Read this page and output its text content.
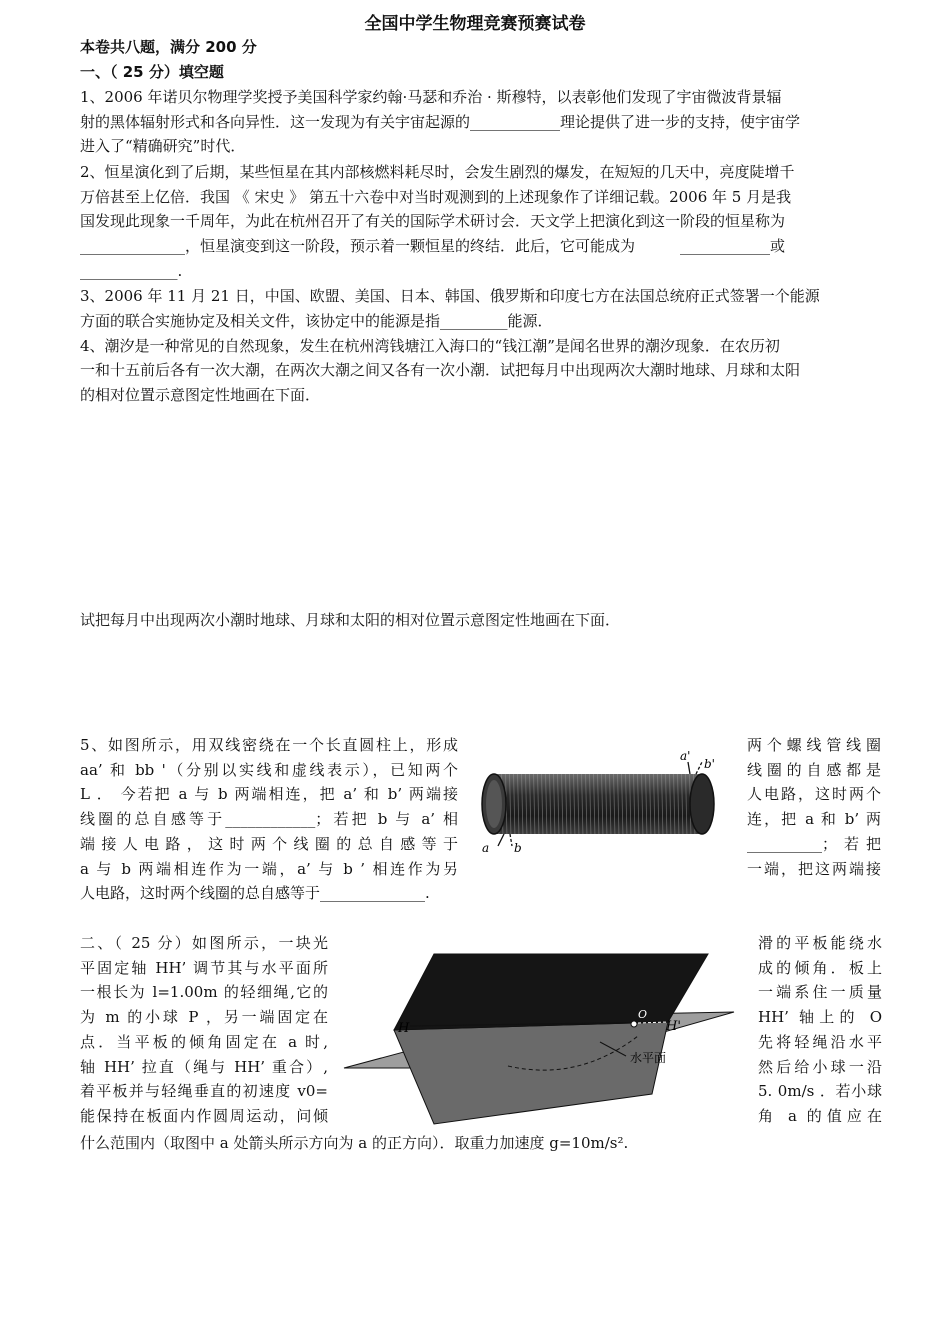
全国中学生物理竞赛预赛试卷
本卷共八题，满分 200 分
一、（ 25 分）填空题
1、2006 年诺贝尔物理学奖授予美国科学家约翰·马瑟和乔治 · 斯穆特，以表彰他们发现了宇宙微波背景辐
射的黑体辐射形式和各向异性．这一发现为有关宇宙起源的____________理论提供了进一步的支持，使宇宙学
进入了“精确研究”时代．
2、恒星演化到了后期，某些恒星在其内部核燃料耗尽时，会发生剧烈的爆发，在短短的几天中，亮度陡增千
万倍甚至上亿倍．我国 《 宋史 》 第五十六卷中对当时观测到的上述现象作了详细记载。2006 年 5 月是我
国发现此现象一千周年，为此在杭州召开了有关的国际学术研讨会．天文学上把演化到这一阶段的恒星称为
______________，恒星演变到这一阶段，预示着一颗恒星的终结．此后，它可能成为　　　____________或
_____________.
3、2006 年 11 月 21 日，中国、欧盟、美国、日本、韩国、俄罗斯和印度七方在法国总统府正式签署一个能源
方面的联合实施协定及相关文件，该协定中的能源是指_________能源．
4、潮汐是一种常见的自然现象，发生在杭州湾钱塘江入海口的“钱江潮”是闻名世界的潮汐现象．在农历初
一和十五前后各有一次大潮，在两次大潮之间又各有一次小潮．试把每月中出现两次大潮时地球、月球和太阳
的相对位置示意图定性地画在下面．
试把每月中出现两次小潮时地球、月球和太阳的相对位置示意图定性地画在下面．
5、如图所示，用双线密绕在一个长直圆柱上，形成
aa’ 和 bb '（分别以实线和虚线表示），已知两个
L ． 今若把 a 与 b 两端相连，把 a’ 和 b’ 两端接
线圈的总自感等于____________；若把 b 与 a’ 相
端 接 人 电 路 ， 这 时 两 个 线 圈 的 总 自 感 等 于
a 与 b 两端相连作为一端，a’ 与 b ’ 相连作为另
人电路，这时两个线圈的总自感等于______________.
a b
a'
b'
两 个 螺 线 管 线 圈
线 圈 的 自 感 都 是
人电路，这时两个
连，把 a 和 b’ 两
__________；若把
一端，把这两端接
二、（ 25 分）如图所示，一块光
平固定轴 HH’ 调节其与水平面所
一根长为 l=1.00m 的轻细绳,它的
为 m 的小球 P ，另一端固定在
点．当平板的倾角固定在 a 时,
轴 HH’ 拉直（绳与 HH’ 重合）,
着平板并与轻绳垂直的初速度 v0=
能保持在板面内作圆周运动，问倾
H	H'
O
水平面
滑的平板能绕水
成的倾角．板上
一端系住一质量
HH’ 轴上的 O
先将轻绳沿水平
然后给小球一沿
5. 0m/s ．若小球
角 a 的值应在
什么范围内（取图中 a 处箭头所示方向为 a 的正方向）．取重力加速度 g=10m/s².
